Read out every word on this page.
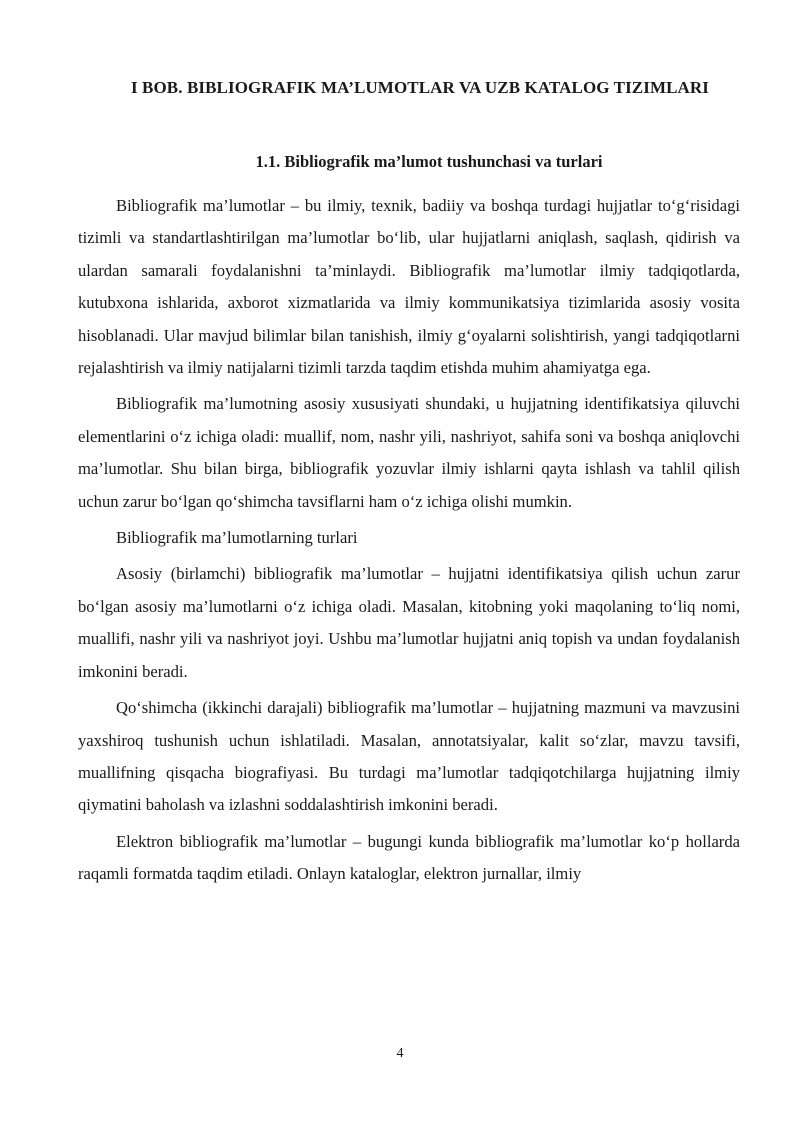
I BOB. BIBLIOGRAFIK MA’LUMOTLAR VA UZB KATALOG TIZIMLARI
1.1. Bibliografik ma’lumot tushunchasi va turlari

Bibliografik ma’lumotlar – bu ilmiy, texnik, badiiy va boshqa turdagi hujjatlar to‘g‘risidagi tizimli va standartlashtirilgan ma’lumotlar bo‘lib, ular hujjatlarni aniqlash, saqlash, qidirish va ulardan samarali foydalanishni ta’minlaydi. Bibliografik ma’lumotlar ilmiy tadqiqotlarda, kutubxona ishlarida, axborot xizmatlarida va ilmiy kommunikatsiya tizimlarida asosiy vosita hisoblanadi. Ular mavjud bilimlar bilan tanishish, ilmiy g‘oyalarni solishtirish, yangi tadqiqotlarni rejalashtirish va ilmiy natijalarni tizimli tarzda taqdim etishda muhim ahamiyatga ega.

Bibliografik ma’lumotning asosiy xususiyati shundaki, u hujjatning identifikatsiya qiluvchi elementlarini o‘z ichiga oladi: muallif, nom, nashr yili, nashriyot, sahifa soni va boshqa aniqlovchi ma’lumotlar. Shu bilan birga, bibliografik yozuvlar ilmiy ishlarni qayta ishlash va tahlil qilish uchun zarur bo‘lgan qo‘shimcha tavsiflarni ham o‘z ichiga olishi mumkin.

Bibliografik ma’lumotlarning turlari

Asosiy (birlamchi) bibliografik ma’lumotlar – hujjatni identifikatsiya qilish uchun zarur bo‘lgan asosiy ma’lumotlarni o‘z ichiga oladi. Masalan, kitobning yoki maqolaning to‘liq nomi, muallifi, nashr yili va nashriyot joyi. Ushbu ma’lumotlar hujjatni aniq topish va undan foydalanish imkonini beradi.

Qo‘shimcha (ikkinchi darajali) bibliografik ma’lumotlar – hujjatning mazmuni va mavzusini yaxshiroq tushunish uchun ishlatiladi. Masalan, annotatsiyalar, kalit so‘zlar, mavzu tavsifi, muallifning qisqacha biografiyasi. Bu turdagi ma’lumotlar tadqiqotchilarga hujjatning ilmiy qiymatini baholash va izlashni soddalashtirish imkonini beradi.

Elektron bibliografik ma’lumotlar – bugungi kunda bibliografik ma’lumotlar ko‘p hollarda raqamli formatda taqdim etiladi. Onlayn kataloglar, elektron jurnallar, ilmiy

4
